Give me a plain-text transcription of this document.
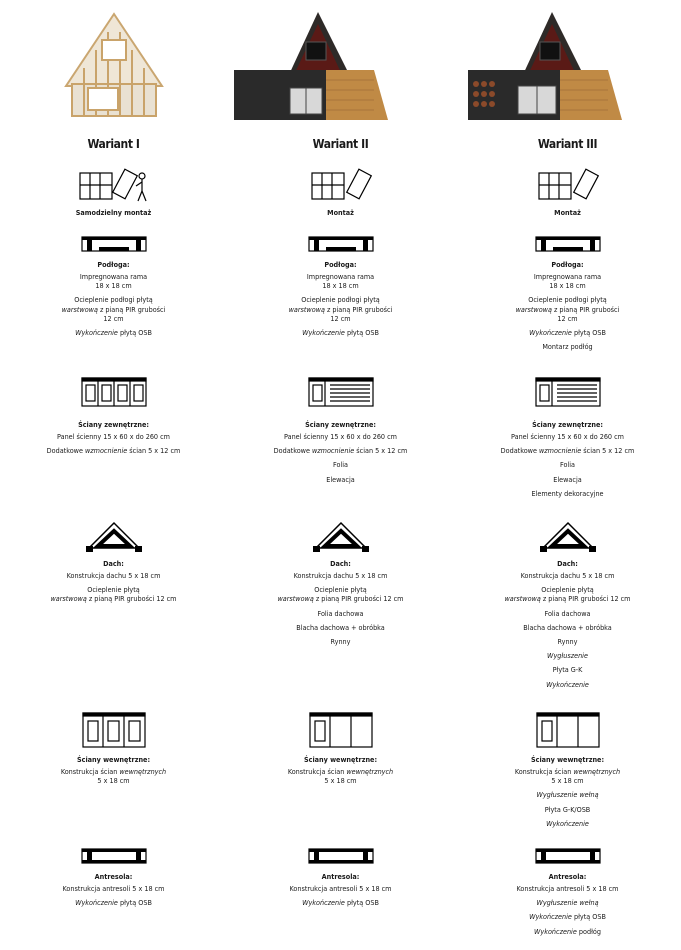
Wariant I
Samodzielny montaż
Podłoga:
Impregnowana rama
18 x 18 cm
Ocieplenie podłogi płytą
warstwową z pianą PIR grubości
12 cm
Wykończenie płytą OSB
Ściany zewnętrzne:
Panel ścienny 15 x 60 x do 260 cm
Dodatkowe wzmocnienie ścian 5 x 12 cm
Dach:
Konstrukcja dachu 5 x 18 cm
Ocieplenie płytą
warstwową z pianą PIR grubości 12 cm
Ściany wewnętrzne:
Konstrukcja ścian wewnętrznych
5 x 18 cm
Antresola:
Konstrukcja antresoli 5 x 18 cm
Wykończenie płytą OSB
Wariant II
Montaż
Podłoga:
Impregnowana rama
18 x 18 cm
Ocieplenie podłogi płytą
warstwową z pianą PIR grubości
12 cm
Wykończenie płytą OSB
Ściany zewnętrzne:
Panel ścienny 15 x 60 x do 260 cm
Dodatkowe wzmocnienie ścian 5 x 12 cm
Folia
Elewacja
Dach:
Konstrukcja dachu 5 x 18 cm
Ocieplenie płytą
warstwową z pianą PIR grubości 12 cm
Folia dachowa
Blacha dachowa + obróbka
Rynny
Ściany wewnętrzne:
Konstrukcja ścian wewnętrznych
5 x 18 cm
Antresola:
Konstrukcja antresoli 5 x 18 cm
Wykończenie płytą OSB
Wariant III
Montaż
Podłoga:
Impregnowana rama
18 x 18 cm
Ocieplenie podłogi płytą
warstwową z pianą PIR grubości
12 cm
Wykończenie płytą OSB
Montarz podłóg
Ściany zewnętrzne:
Panel ścienny 15 x 60 x do 260 cm
Dodatkowe wzmocnienie ścian 5 x 12 cm
Folia
Elewacja
Elementy dekoracyjne
Dach:
Konstrukcja dachu 5 x 18 cm
Ocieplenie płytą
warstwową z pianą PIR grubości 12 cm
Folia dachowa
Blacha dachowa + obróbka
Rynny
Wygłuszenie
Płyta G-K
Wykończenie
Ściany wewnętrzne:
Konstrukcja ścian wewnętrznych
5 x 18 cm
Wygłuszenie wełną
Płyta G-K/OSB
Wykończenie
Antresola:
Konstrukcja antresoli 5 x 18 cm
Wygłuszenie wełną
Wykończenie płytą OSB
Wykończenie podłóg
